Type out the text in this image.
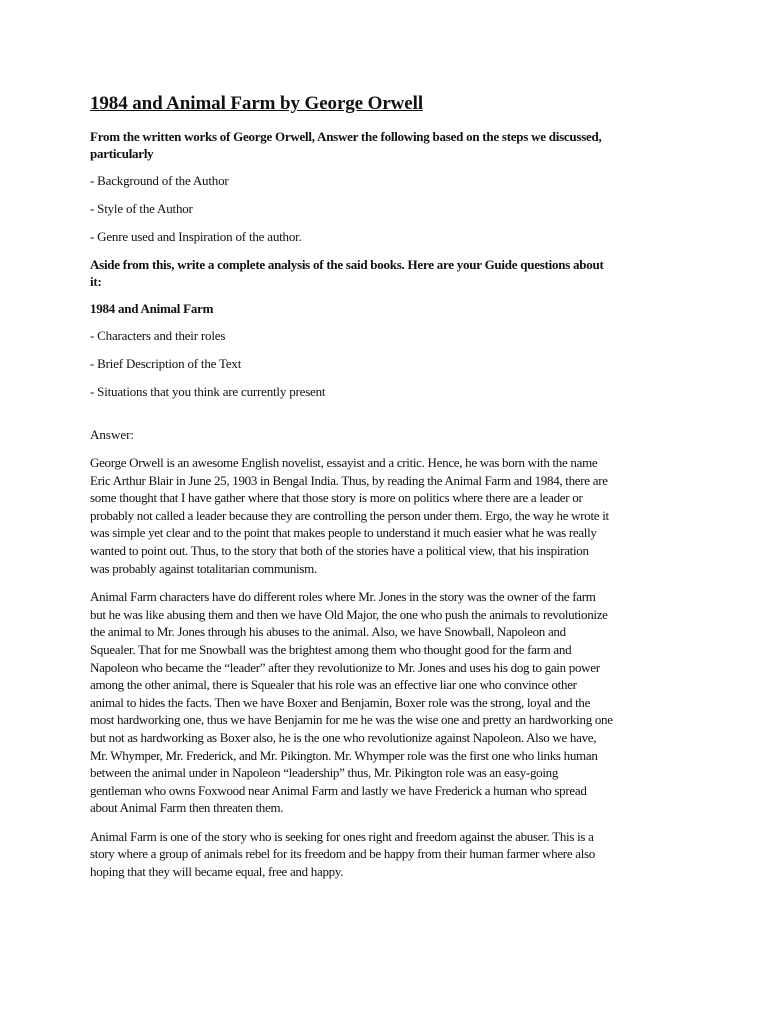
1984 and Animal Farm by George Orwell

From the written works of George Orwell, Answer the following based on the steps we discussed,
particularly

- Background of the Author

- Style of the Author

- Genre used and Inspiration of the author.

Aside from this, write a complete analysis of the said books. Here are your Guide questions about
it:

1984 and Animal Farm

- Characters and their roles

- Brief Description of the Text

- Situations that you think are currently present

Answer:

George Orwell is an awesome English novelist, essayist and a critic. Hence, he was born with the name
Eric Arthur Blair in June 25, 1903 in Bengal India. Thus, by reading the Animal Farm and 1984, there are
some thought that I have gather where that those story is more on politics where there are a leader or
probably not called a leader because they are controlling the person under them. Ergo, the way he wrote it
was simple yet clear and to the point that makes people to understand it much easier what he was really
wanted to point out. Thus, to the story that both of the stories have a political view, that his inspiration
was probably against totalitarian communism.

Animal Farm characters have do different roles where Mr. Jones in the story was the owner of the farm
but he was like abusing them and then we have Old Major, the one who push the animals to revolutionize
the animal to Mr. Jones through his abuses to the animal. Also, we have Snowball, Napoleon and
Squealer. That for me Snowball was the brightest among them who thought good for the farm and
Napoleon who became the “leader” after they revolutionize to Mr. Jones and uses his dog to gain power
among the other animal, there is Squealer that his role was an effective liar one who convince other
animal to hides the facts. Then we have Boxer and Benjamin, Boxer role was the strong, loyal and the
most hardworking one, thus we have Benjamin for me he was the wise one and pretty an hardworking one
but not as hardworking as Boxer also, he is the one who revolutionize against Napoleon. Also we have,
Mr. Whymper, Mr. Frederick, and Mr. Pikington. Mr. Whymper role was the first one who links human
between the animal under in Napoleon “leadership” thus, Mr. Pikington role was an easy-going
gentleman who owns Foxwood near Animal Farm and lastly we have Frederick a human who spread
about Animal Farm then threaten them.

Animal Farm is one of the story who is seeking for ones right and freedom against the abuser. This is a
story where a group of animals rebel for its freedom and be happy from their human farmer where also
hoping that they will became equal, free and happy.
